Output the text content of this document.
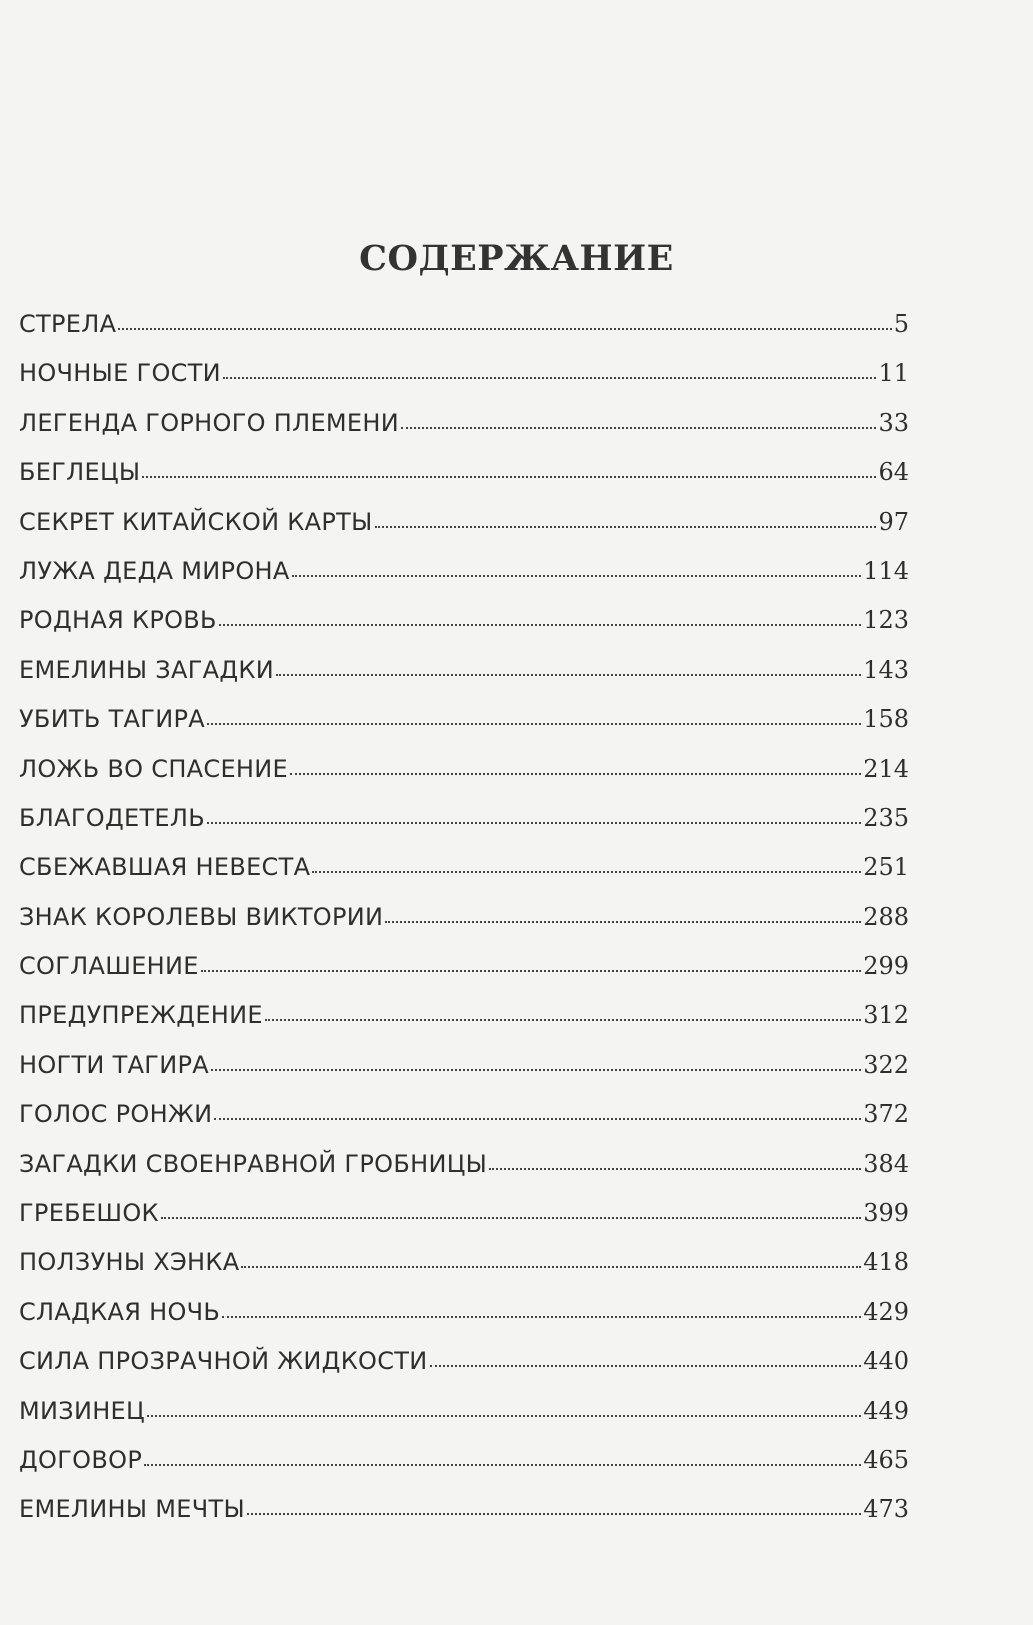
СОДЕРЖАНИЕ
СТРЕЛА	5
НОЧНЫЕ ГОСТИ	11
ЛЕГЕНДА ГОРНОГО ПЛЕМЕНИ	33
БЕГЛЕЦЫ	64
СЕКРЕТ КИТАЙСКОЙ КАРТЫ	97
ЛУЖА ДЕДА МИРОНА	114
РОДНАЯ КРОВЬ	123
ЕМЕЛИНЫ ЗАГАДКИ	143
УБИТЬ ТАГИРА	158
ЛОЖЬ ВО СПАСЕНИЕ	214
БЛАГОДЕТЕЛЬ	235
СБЕЖАВШАЯ НЕВЕСТА	251
ЗНАК КОРОЛЕВЫ ВИКТОРИИ	288
СОГЛАШЕНИЕ	299
ПРЕДУПРЕЖДЕНИЕ	312
НОГТИ ТАГИРА	322
ГОЛОС РОНЖИ	372
ЗАГАДКИ СВОЕНРАВНОЙ ГРОБНИЦЫ	384
ГРЕБЕШОК	399
ПОЛЗУНЫ ХЭНКА	418
СЛАДКАЯ НОЧЬ	429
СИЛА ПРОЗРАЧНОЙ ЖИДКОСТИ	440
МИЗИНЕЦ	449
ДОГОВОР	465
ЕМЕЛИНЫ МЕЧТЫ	473
